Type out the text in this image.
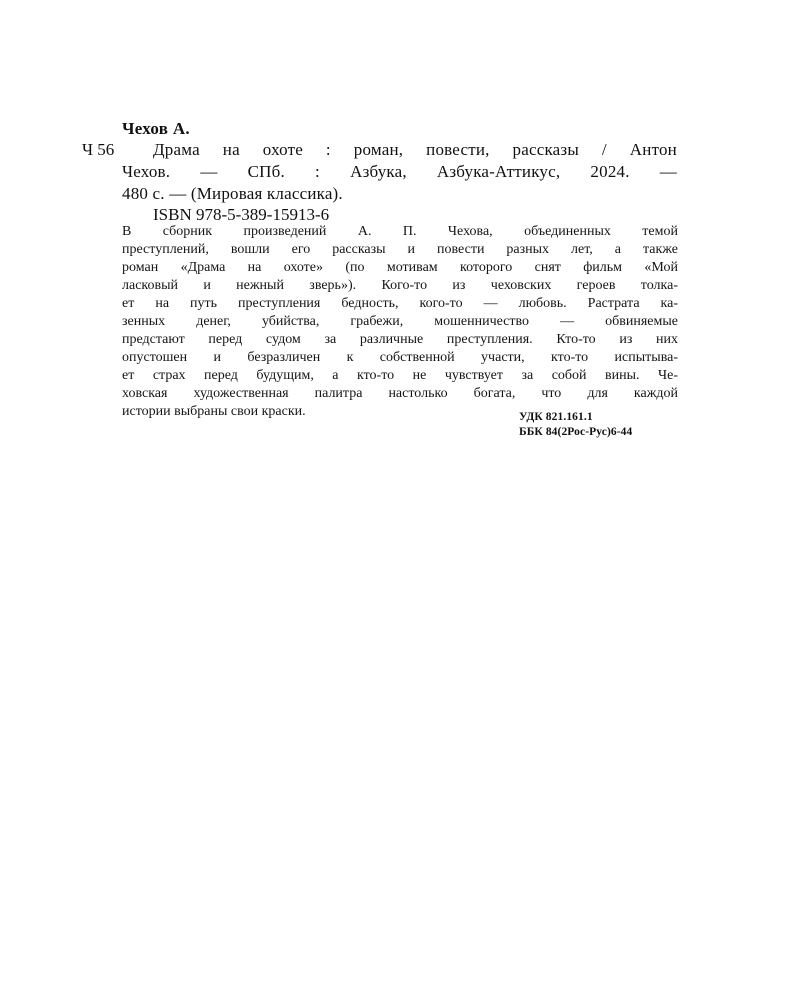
Чехов А.
Ч 56 Драма на охоте : роман, повести, рассказы / Антон
Чехов. — СПб. : Азбука, Азбука-Аттикус, 2024. —
480 с. — (Мировая классика).
ISBN 978-5-389-15913-6
В сборник произведений А. П. Чехова, объединенных темой
преступлений, вошли его рассказы и повести разных лет, а также
роман «Драма на охоте» (по мотивам которого снят фильм «Мой
ласковый и нежный зверь»). Кого-то из чеховских героев толка-
ет на путь преступления бедность, кого-то — любовь. Растрата ка-
зенных денег, убийства, грабежи, мошенничество — обвиняемые
предстают перед судом за различные преступления. Кто-то из них
опустошен и безразличен к собственной участи, кто-то испытыва-
ет страх перед будущим, а кто-то не чувствует за собой вины. Че-
ховская художественная палитра настолько богата, что для каждой
истории выбраны свои краски.	УДК 821.161.1
ББК 84(2Рос-Рус)6-44
